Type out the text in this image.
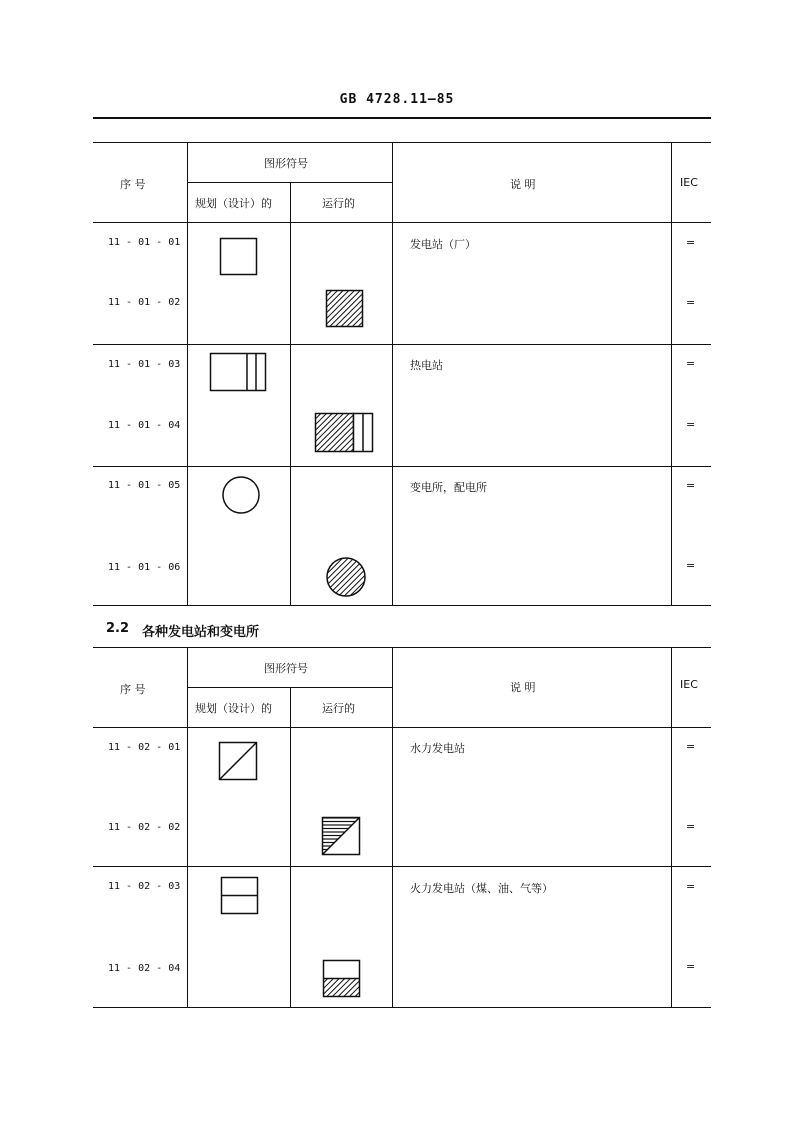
GB 4728.11—85
序 号
图形符号
规划（设计）的	运行的
说 明	IEC
11 - 01 - 01	发电站（厂）	=
11 - 01 - 02	=
11 - 01 - 03	热电站	=
11 - 01 - 04	=
11 - 01 - 05	变电所，配电所	=
11 - 01 - 06	=
2.2 各种发电站和变电所
序 号
图形符号
规划（设计）的	运行的
说 明	IEC
11 - 02 - 01	水力发电站	=
11 - 02 - 02	=
11 - 02 - 03	火力发电站（煤、油、气等）	=
11 - 02 - 04	=
